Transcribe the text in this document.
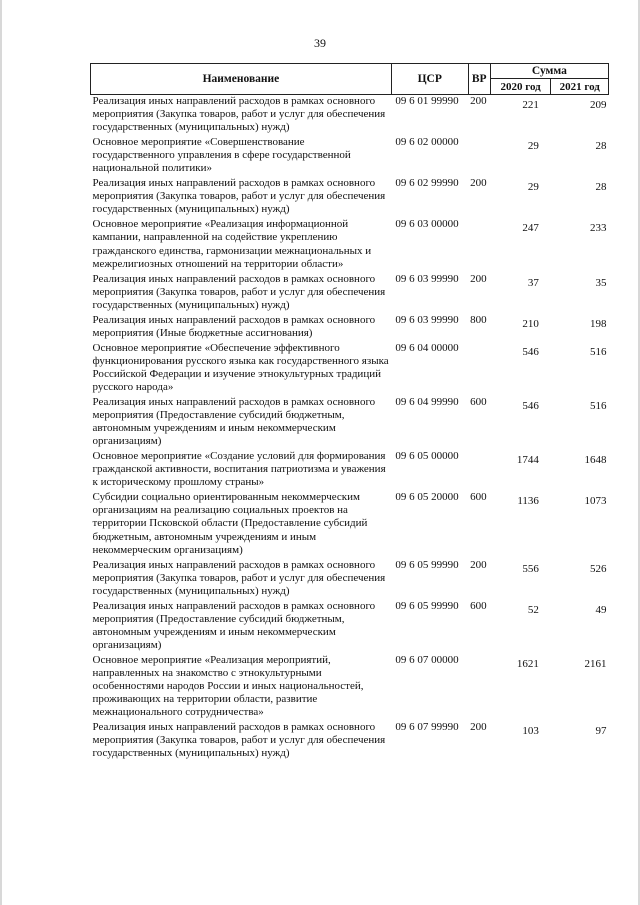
39
Наименование	ЦСР	ВР	Сумма	
			2020 год	2021 год
Реализация иных направлений расходов в рамках основного мероприятия (Закупка товаров, работ и услуг для обеспечения государственных (муниципальных) нужд)	09 6 01 99990	200	221	209
Основное мероприятие «Совершенствование государственного управления в сфере государственной национальной политики»	09 6 02 00000		29	28
Реализация иных направлений расходов в рамках основного мероприятия (Закупка товаров, работ и услуг для обеспечения государственных (муниципальных) нужд)	09 6 02 99990	200	29	28
Основное мероприятие «Реализация информационной кампании, направленной на содействие укреплению гражданского единства, гармонизации межнациональных и межрелигиозных отношений на территории области»	09 6 03 00000		247	233
Реализация иных направлений расходов в рамках основного мероприятия (Закупка товаров, работ и услуг для обеспечения государственных (муниципальных) нужд)	09 6 03 99990	200	37	35
Реализация иных направлений расходов в рамках основного мероприятия (Иные бюджетные ассигнования)	09 6 03 99990	800	210	198
Основное мероприятие «Обеспечение эффективного функционирования русского языка как государственного языка Российской Федерации и изучение этнокультурных традиций русского народа»	09 6 04 00000		546	516
Реализация иных направлений расходов в рамках основного мероприятия (Предоставление субсидий бюджетным, автономным учреждениям и иным некоммерческим организациям)	09 6 04 99990	600	546	516
Основное мероприятие «Создание условий для формирования гражданской активности, воспитания патриотизма и уважения к историческому прошлому страны»	09 6 05 00000		1744	1648
Субсидии социально ориентированным некоммерческим организациям на реализацию социальных проектов на территории Псковской области (Предоставление субсидий бюджетным, автономным учреждениям и иным некоммерческим организациям)	09 6 05 20000	600	1136	1073
Реализация иных направлений расходов в рамках основного мероприятия (Закупка товаров, работ и услуг для обеспечения государственных (муниципальных) нужд)	09 6 05 99990	200	556	526
Реализация иных направлений расходов в рамках основного мероприятия (Предоставление субсидий бюджетным, автономным учреждениям и иным некоммерческим организациям)	09 6 05 99990	600	52	49
Основное мероприятие «Реализация мероприятий, направленных на знакомство с этнокультурными особенностями народов России и иных национальностей, проживающих на территории области, развитие межнационального сотрудничества»	09 6 07 00000		1621	2161
Реализация иных направлений расходов в рамках основного мероприятия (Закупка товаров, работ и услуг для обеспечения государственных (муниципальных) нужд)	09 6 07 99990	200	103	97
